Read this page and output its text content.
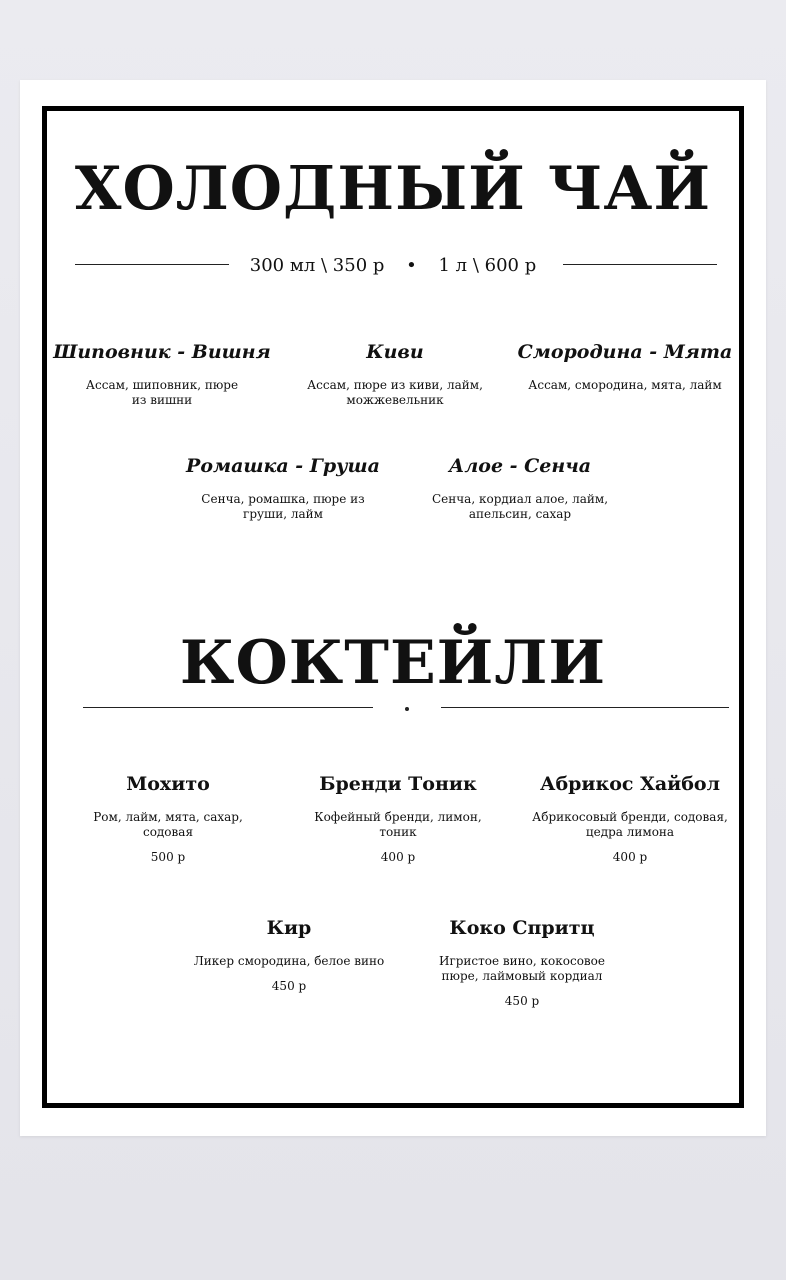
ХОЛОДНЫЙ ЧАЙ
300 мл \ 350 р • 1 л \ 600 р
Шиповник - Вишня
Ассам, шиповник, пюре из вишни
Киви
Ассам, пюре из киви, лайм, можжевельник
Смородина - Мята
Ассам, смородина, мята, лайм
Ромашка - Груша
Сенча, ромашка, пюре из груши, лайм
Алое - Сенча
Сенча, кордиал алое, лайм, апельсин, сахар
КОКТЕЙЛИ
Мохито
Ром, лайм, мята, сахар, содовая
500 р
Бренди Тоник
Кофейный бренди, лимон, тоник
400 р
Абрикос Хайбол
Абрикосовый бренди, содовая, цедра лимона
400 р
Кир
Ликер смородина, белое вино
450 р
Коко Спритц
Игристое вино, кокосовое пюре, лаймовый кордиал
450 р
